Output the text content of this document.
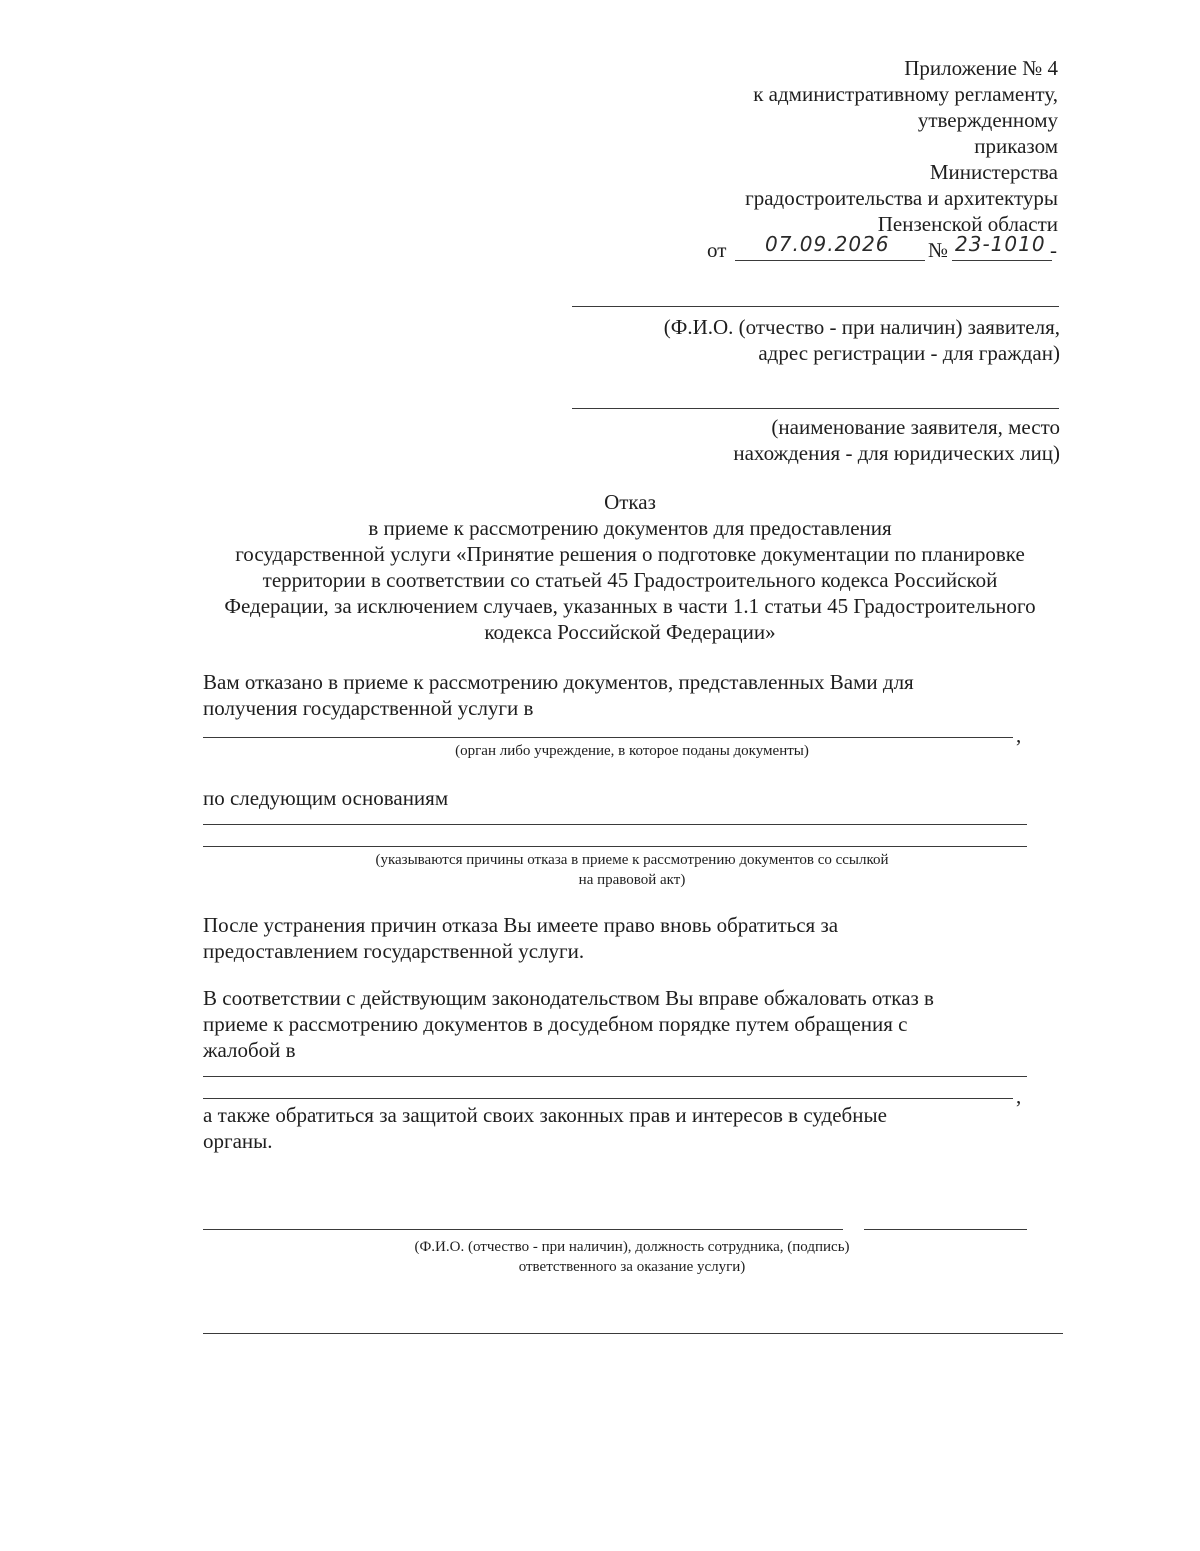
Приложение № 4
к административному регламенту,
утвержденному
приказом
Министерства
градостроительства и архитектуры
Пензенской области
от 07.09.2026 № 23-1010 -
(Ф.И.О. (отчество - при наличин) заявителя,
адрес регистрации - для граждан)
(наименование заявителя, место
нахождения - для юридических лиц)
Отказ
в приеме к рассмотрению документов для предоставления
государственной услуги «Принятие решения о подготовке документации по планировке
территории в соответствии со статьей 45 Градостроительного кодекса Российской
Федерации, за исключением случаев, указанных в части 1.1 статьи 45 Градостроительного
кодекса Российской Федерации»
Вам отказано в приеме к рассмотрению документов, представленных Вами для
получения государственной услуги в
,
(орган либо учреждение, в которое поданы документы)
по следующим основаниям
(указываются причины отказа в приеме к рассмотрению документов со ссылкой
на правовой акт)
После устранения причин отказа Вы имеете право вновь обратиться за
предоставлением государственной услуги.
В соответствии с действующим законодательством Вы вправе обжаловать отказ в
приеме к рассмотрению документов в досудебном порядке путем обращения с
жалобой в
,
а также обратиться за защитой своих законных прав и интересов в судебные
органы.
(Ф.И.О. (отчество - при наличин), должность сотрудника, (подпись)
ответственного за оказание услуги)
